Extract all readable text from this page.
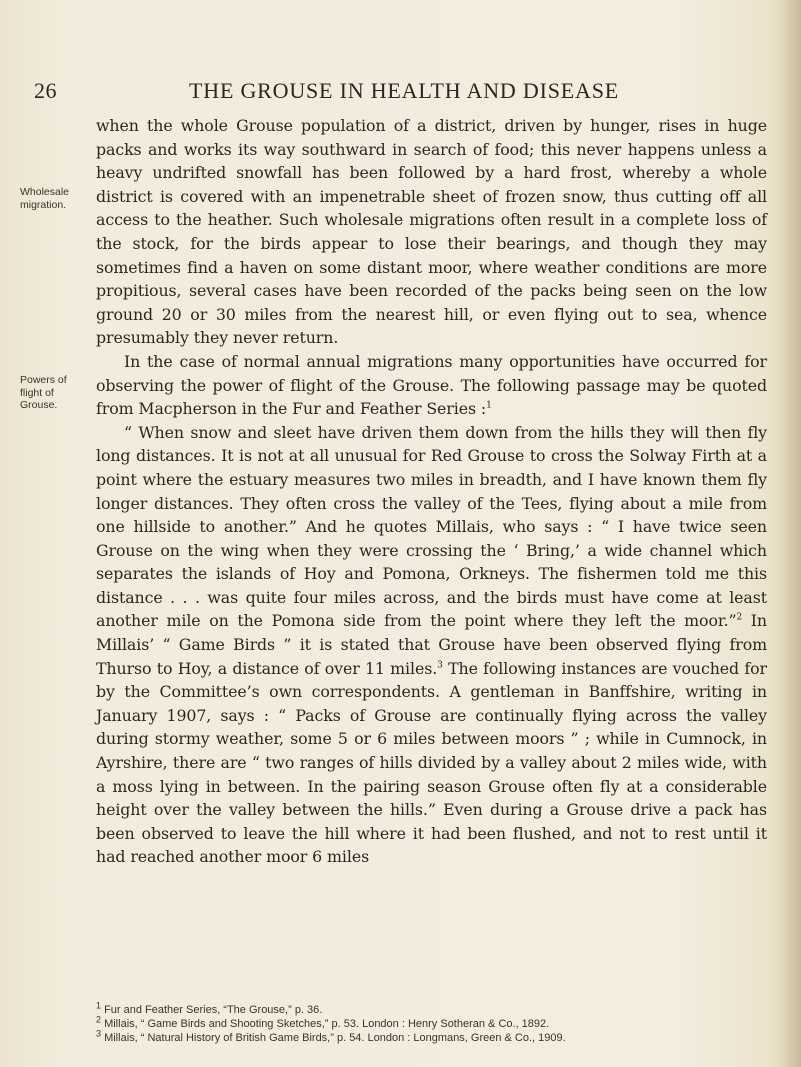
26	THE GROUSE IN HEALTH AND DISEASE
Wholesale migration.
Powers of flight of Grouse.

when the whole Grouse population of a district, driven by hunger, rises in huge packs and works its way southward in search of food; this never happens unless a heavy undrifted snowfall has been followed by a hard frost, whereby a whole district is covered with an impenetrable sheet of frozen snow, thus cutting off all access to the heather. Such wholesale migrations often result in a complete loss of the stock, for the birds appear to lose their bearings, and though they may sometimes find a haven on some distant moor, where weather conditions are more propitious, several cases have been recorded of the packs being seen on the low ground 20 or 30 miles from the nearest hill, or even flying out to sea, whence presumably they never return.

In the case of normal annual migrations many opportunities have occurred for observing the power of flight of the Grouse. The following passage may be quoted from Macpherson in the Fur and Feather Series :$^1$

“ When snow and sleet have driven them down from the hills they will then fly long distances. It is not at all unusual for Red Grouse to cross the Solway Firth at a point where the estuary measures two miles in breadth, and I have known them fly longer distances. They often cross the valley of the Tees, flying about a mile from one hillside to another.” And he quotes Millais, who says : “ I have twice seen Grouse on the wing when they were crossing the ‘ Bring,’ a wide channel which separates the islands of Hoy and Pomona, Orkneys. The fishermen told me this distance . . . was quite four miles across, and the birds must have come at least another mile on the Pomona side from the point where they left the moor.”$^2$ In Millais’ “ Game Birds ” it is stated that Grouse have been observed flying from Thurso to Hoy, a distance of over 11 miles.$^3$ The following instances are vouched for by the Committee’s own correspondents. A gentleman in Banffshire, writing in January 1907, says : “ Packs of Grouse are continually flying across the valley during stormy weather, some 5 or 6 miles between moors ” ; while in Cumnock, in Ayrshire, there are “ two ranges of hills divided by a valley about 2 miles wide, with a moss lying in between. In the pairing season Grouse often fly at a considerable height over the valley between the hills.” Even during a Grouse drive a pack has been observed to leave the hill where it had been flushed, and not to rest until it had reached another moor 6 miles

$^1$ Fur and Feather Series, “The Grouse,” p. 36.
$^2$ Millais, “ Game Birds and Shooting Sketches,” p. 53. London : Henry Sotheran & Co., 1892.
$^3$ Millais, “ Natural History of British Game Birds,” p. 54. London : Longmans, Green & Co., 1909.
